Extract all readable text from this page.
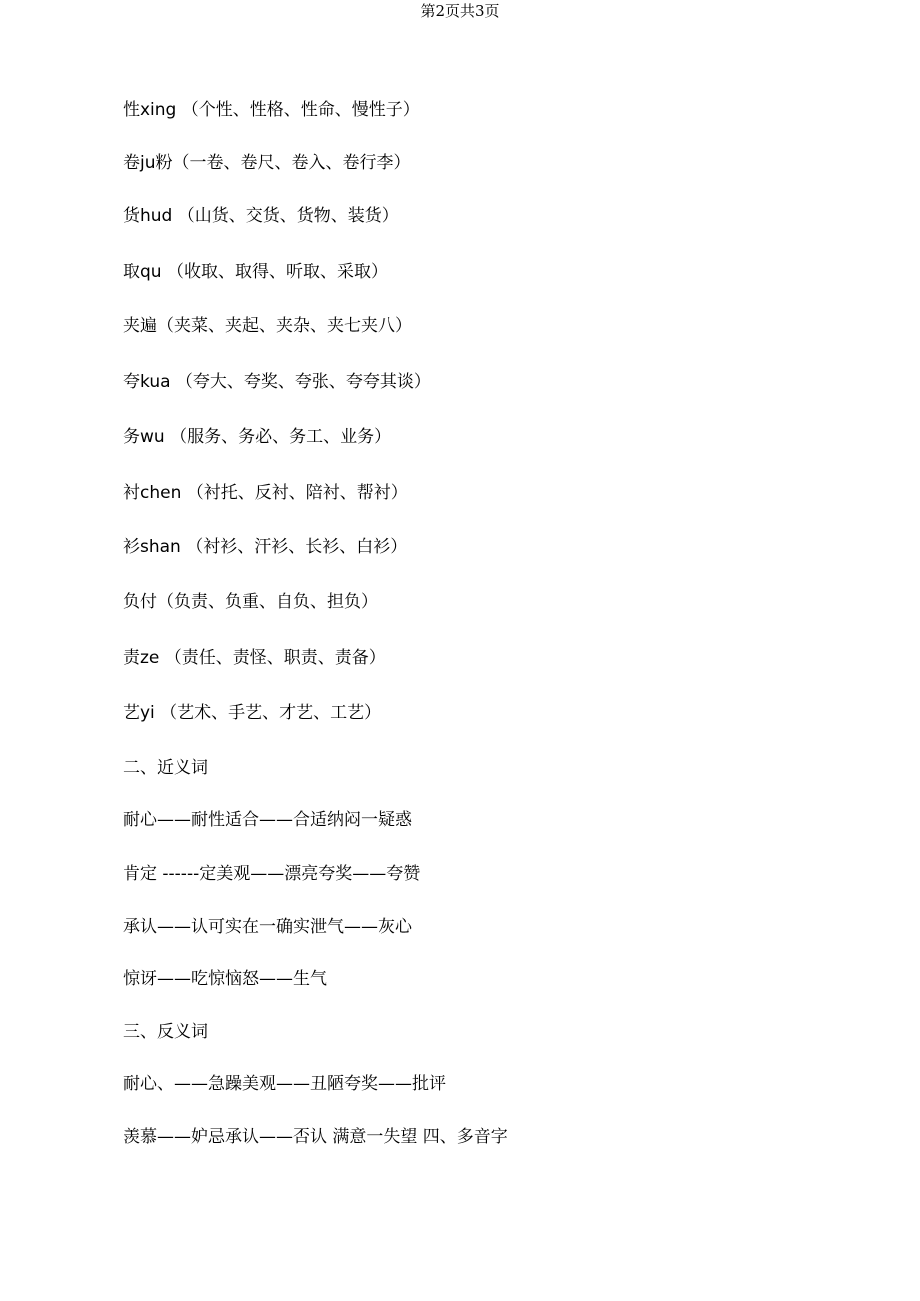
第2页共3页
性xing （个性、性格、性命、慢性子）
卷ju粉（一卷、卷尺、卷入、卷行李）
货hud （山货、交货、货物、装货）
取qu （收取、取得、听取、采取）
夹遍（夹菜、夹起、夹杂、夹七夹八）
夸kua （夸大、夸奖、夸张、夸夸其谈）
务wu （服务、务必、务工、业务）
衬chen （衬托、反衬、陪衬、帮衬）
衫shan （衬衫、汗衫、长衫、白衫）
负付（负责、负重、自负、担负）
责ze （责任、责怪、职责、责备）
艺yi （艺术、手艺、才艺、工艺）
二、近义词
耐心——耐性适合——合适纳闷一疑惑
肯定 ------定美观——漂亮夸奖——夸赞
承认——认可实在一确实泄气——灰心
惊讶——吃惊恼怒——生气
三、反义词
耐心、——急躁美观——丑陋夸奖——批评
羡慕——妒忌承认——否认 满意一失望 四、多音字
